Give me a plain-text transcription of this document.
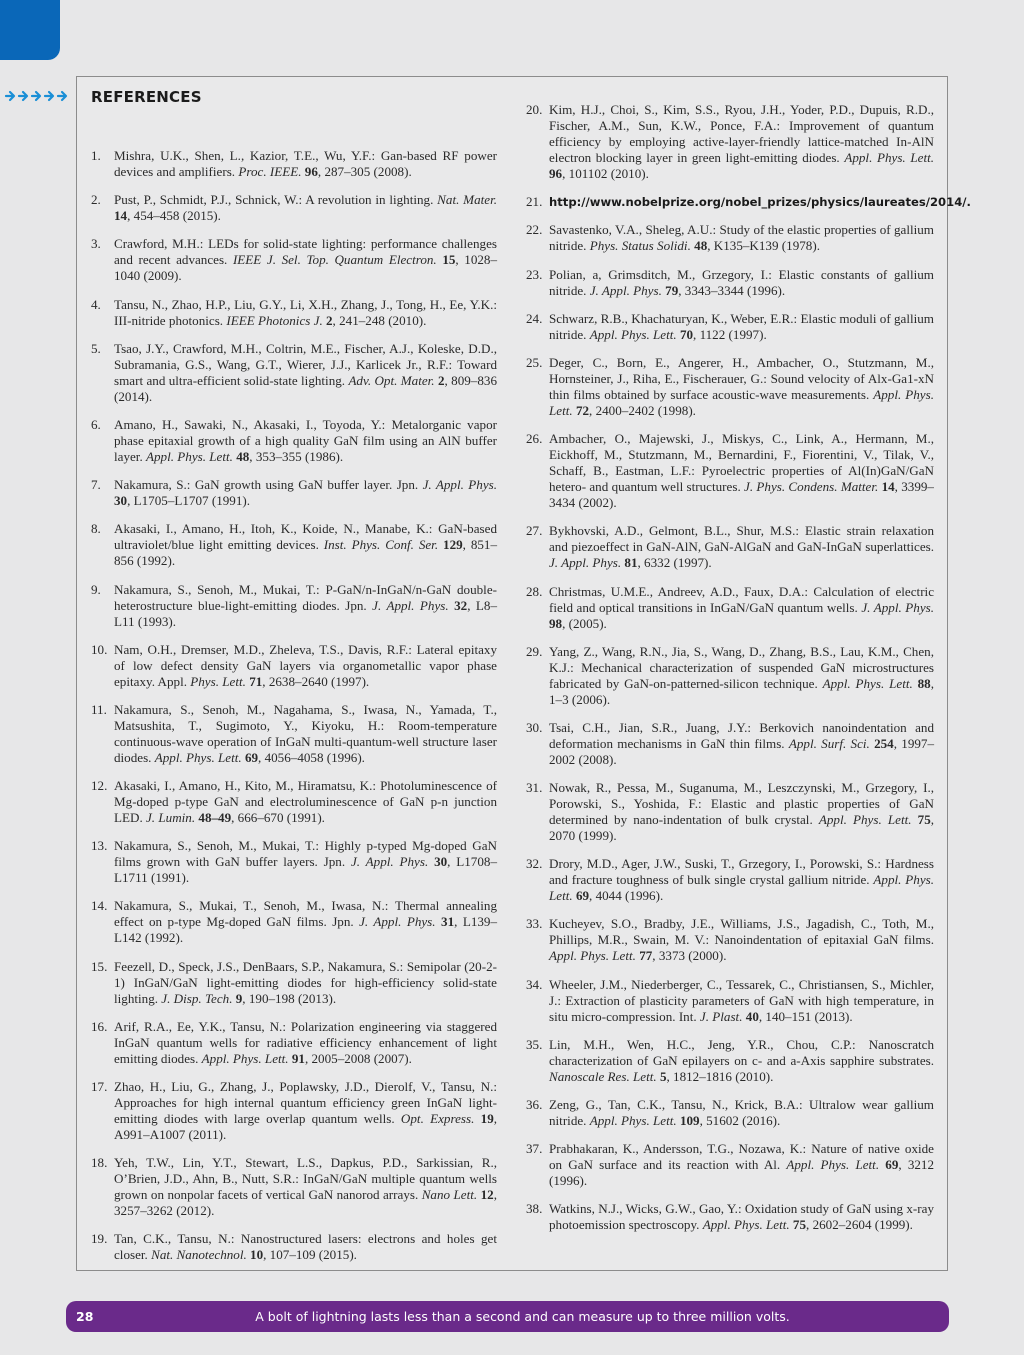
REFERENCES
1.	Mishra, U.K., Shen, L., Kazior, T.E., Wu, Y.F.: Gan-based RF power devices and amplifiers. Proc. IEEE. 96, 287–305 (2008).
2.	Pust, P., Schmidt, P.J., Schnick, W.: A revolution in lighting. Nat. Mater. 14, 454–458 (2015).
3.	Crawford, M.H.: LEDs for solid-state lighting: performance challenges and recent advances. IEEE J. Sel. Top. Quantum Electron. 15, 1028–1040 (2009).
4.	Tansu, N., Zhao, H.P., Liu, G.Y., Li, X.H., Zhang, J., Tong, H., Ee, Y.K.: III-nitride photonics. IEEE Photonics J. 2, 241–248 (2010).
5.	Tsao, J.Y., Crawford, M.H., Coltrin, M.E., Fischer, A.J., Koleske, D.D., Subramania, G.S., Wang, G.T., Wierer, J.J., Karlicek Jr., R.F.: Toward smart and ultra-efficient solid-state lighting. Adv. Opt. Mater. 2, 809–836 (2014).
6.	Amano, H., Sawaki, N., Akasaki, I., Toyoda, Y.: Metalorganic vapor phase epitaxial growth of a high quality GaN film using an AlN buffer layer. Appl. Phys. Lett. 48, 353–355 (1986).
7.	Nakamura, S.: GaN growth using GaN buffer layer. Jpn. J. Appl. Phys. 30, L1705–L1707 (1991).
8.	Akasaki, I., Amano, H., Itoh, K., Koide, N., Manabe, K.: GaN-based ultraviolet/blue light emitting devices. Inst. Phys. Conf. Ser. 129, 851–856 (1992).
9.	Nakamura, S., Senoh, M., Mukai, T.: P-GaN/n-InGaN/n-GaN double-heterostructure blue-light-emitting diodes. Jpn. J. Appl. Phys. 32, L8–L11 (1993).
10. Nam, O.H., Dremser, M.D., Zheleva, T.S., Davis, R.F.: Lateral epitaxy of low defect density GaN layers via organometallic vapor phase epitaxy. Appl. Phys. Lett. 71, 2638–2640 (1997).
11. Nakamura, S., Senoh, M., Nagahama, S., Iwasa, N., Yamada, T., Matsushita, T., Sugimoto, Y., Kiyoku, H.: Room-temperature continuous-wave operation of InGaN multi-quantum-well structure laser diodes. Appl. Phys. Lett. 69, 4056–4058 (1996).
12. Akasaki, I., Amano, H., Kito, M., Hiramatsu, K.: Photoluminescence of Mg-doped p-type GaN and electroluminescence of GaN p-n junction LED. J. Lumin. 48–49, 666–670 (1991).
13. Nakamura, S., Senoh, M., Mukai, T.: Highly p-typed Mg-doped GaN films grown with GaN buffer layers. Jpn. J. Appl. Phys. 30, L1708–L1711 (1991).
14. Nakamura, S., Mukai, T., Senoh, M., Iwasa, N.: Thermal annealing effect on p-type Mg-doped GaN films. Jpn. J. Appl. Phys. 31, L139–L142 (1992).
15. Feezell, D., Speck, J.S., DenBaars, S.P., Nakamura, S.: Semipolar (20-2-1) InGaN/GaN light-emitting diodes for high-efficiency solid-state lighting. J. Disp. Tech. 9, 190–198 (2013).
16. Arif, R.A., Ee, Y.K., Tansu, N.: Polarization engineering via staggered InGaN quantum wells for radiative efficiency enhancement of light emitting diodes. Appl. Phys. Lett. 91, 2005–2008 (2007).
17. Zhao, H., Liu, G., Zhang, J., Poplawsky, J.D., Dierolf, V., Tansu, N.: Approaches for high internal quantum efficiency green InGaN light-emitting diodes with large overlap quantum wells. Opt. Express. 19, A991–A1007 (2011).
18. Yeh, T.W., Lin, Y.T., Stewart, L.S., Dapkus, P.D., Sarkissian, R., O’Brien, J.D., Ahn, B., Nutt, S.R.: InGaN/GaN multiple quantum wells grown on nonpolar facets of vertical GaN nanorod arrays. Nano Lett. 12, 3257–3262 (2012).
19. Tan, C.K., Tansu, N.: Nanostructured lasers: electrons and holes get closer. Nat. Nanotechnol. 10, 107–109 (2015).
20. Kim, H.J., Choi, S., Kim, S.S., Ryou, J.H., Yoder, P.D., Dupuis, R.D., Fischer, A.M., Sun, K.W., Ponce, F.A.: Improvement of quantum efficiency by employing active-layer-friendly lattice-matched In-AlN electron blocking layer in green light-emitting diodes. Appl. Phys. Lett. 96, 101102 (2010).
21. http://www.nobelprize.org/nobel_prizes/physics/laureates/2014/.
22. Savastenko, V.A., Sheleg, A.U.: Study of the elastic properties of gallium nitride. Phys. Status Solidi. 48, K135–K139 (1978).
23. Polian, a, Grimsditch, M., Grzegory, I.: Elastic constants of gallium nitride. J. Appl. Phys. 79, 3343–3344 (1996).
24. Schwarz, R.B., Khachaturyan, K., Weber, E.R.: Elastic moduli of gallium nitride. Appl. Phys. Lett. 70, 1122 (1997).
25. Deger, C., Born, E., Angerer, H., Ambacher, O., Stutzmann, M., Hornsteiner, J., Riha, E., Fischerauer, G.: Sound velocity of Alx-Ga1-xN thin films obtained by surface acoustic-wave measurements. Appl. Phys. Lett. 72, 2400–2402 (1998).
26. Ambacher, O., Majewski, J., Miskys, C., Link, A., Hermann, M., Eickhoff, M., Stutzmann, M., Bernardini, F., Fiorentini, V., Tilak, V., Schaff, B., Eastman, L.F.: Pyroelectric properties of Al(In)GaN/GaN hetero- and quantum well structures. J. Phys. Condens. Matter. 14, 3399–3434 (2002).
27. Bykhovski, A.D., Gelmont, B.L., Shur, M.S.: Elastic strain relaxation and piezoeffect in GaN-AlN, GaN-AlGaN and GaN-InGaN superlattices. J. Appl. Phys. 81, 6332 (1997).
28. Christmas, U.M.E., Andreev, A.D., Faux, D.A.: Calculation of electric field and optical transitions in InGaN/GaN quantum wells. J. Appl. Phys. 98, (2005).
29. Yang, Z., Wang, R.N., Jia, S., Wang, D., Zhang, B.S., Lau, K.M., Chen, K.J.: Mechanical characterization of suspended GaN microstructures fabricated by GaN-on-patterned-silicon technique. Appl. Phys. Lett. 88, 1–3 (2006).
30. Tsai, C.H., Jian, S.R., Juang, J.Y.: Berkovich nanoindentation and deformation mechanisms in GaN thin films. Appl. Surf. Sci. 254, 1997–2002 (2008).
31. Nowak, R., Pessa, M., Suganuma, M., Leszczynski, M., Grzegory, I., Porowski, S., Yoshida, F.: Elastic and plastic properties of GaN determined by nano-indentation of bulk crystal. Appl. Phys. Lett. 75, 2070 (1999).
32. Drory, M.D., Ager, J.W., Suski, T., Grzegory, I., Porowski, S.: Hardness and fracture toughness of bulk single crystal gallium nitride. Appl. Phys. Lett. 69, 4044 (1996).
33. Kucheyev, S.O., Bradby, J.E., Williams, J.S., Jagadish, C., Toth, M., Phillips, M.R., Swain, M. V.: Nanoindentation of epitaxial GaN films. Appl. Phys. Lett. 77, 3373 (2000).
34. Wheeler, J.M., Niederberger, C., Tessarek, C., Christiansen, S., Michler, J.: Extraction of plasticity parameters of GaN with high temperature, in situ micro-compression. Int. J. Plast. 40, 140–151 (2013).
35. Lin, M.H., Wen, H.C., Jeng, Y.R., Chou, C.P.: Nanoscratch characterization of GaN epilayers on c- and a-Axis sapphire substrates. Nanoscale Res. Lett. 5, 1812–1816 (2010).
36. Zeng, G., Tan, C.K., Tansu, N., Krick, B.A.: Ultralow wear gallium nitride. Appl. Phys. Lett. 109, 51602 (2016).
37. Prabhakaran, K., Andersson, T.G., Nozawa, K.: Nature of native oxide on GaN surface and its reaction with Al. Appl. Phys. Lett. 69, 3212 (1996).
38. Watkins, N.J., Wicks, G.W., Gao, Y.: Oxidation study of GaN using x-ray photoemission spectroscopy. Appl. Phys. Lett. 75, 2602–2604 (1999).
28	A bolt of lightning lasts less than a second and can measure up to three million volts.
